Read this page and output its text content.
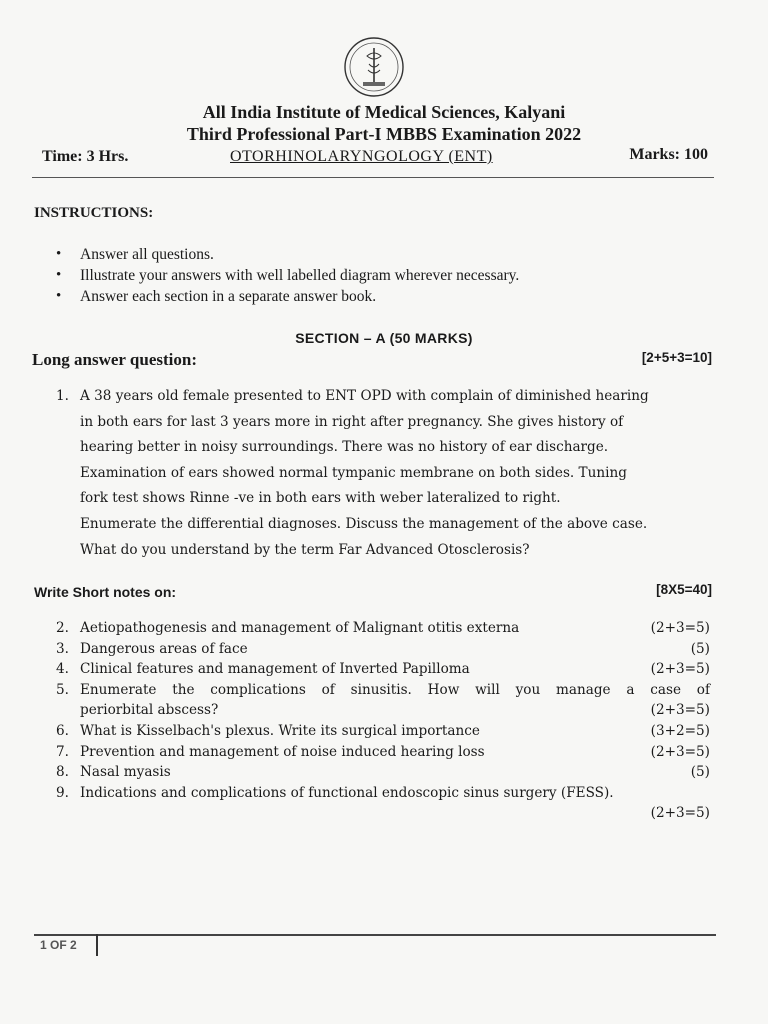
All India Institute of Medical Sciences, Kalyani
Third Professional Part-I MBBS Examination 2022
Time: 3 Hrs.	OTORHINOLARYNGOLOGY (ENT)	Marks: 100
INSTRUCTIONS:
• Answer all questions.
• Illustrate your answers with well labelled diagram wherever necessary.
• Answer each section in a separate answer book.
SECTION – A (50 MARKS)
Long answer question:	[2+5+3=10]
1. A 38 years old female presented to ENT OPD with complain of diminished hearing
in both ears for last 3 years more in right after pregnancy. She gives history of
hearing better in noisy surroundings. There was no history of ear discharge.
Examination of ears showed normal tympanic membrane on both sides. Tuning
fork test shows Rinne -ve in both ears with weber lateralized to right.
Enumerate the differential diagnoses. Discuss the management of the above case.
What do you understand by the term Far Advanced Otosclerosis?
Write Short notes on:	[8X5=40]
2. Aetiopathogenesis and management of Malignant otitis externa	(2+3=5)
3. Dangerous areas of face	(5)
4. Clinical features and management of Inverted Papilloma	(2+3=5)
5. Enumerate the complications of sinusitis. How will you manage a case of
periorbital abscess?	(2+3=5)
6. What is Kisselbach's plexus. Write its surgical importance	(3+2=5)
7. Prevention and management of noise induced hearing loss	(2+3=5)
8. Nasal myasis	(5)
9. Indications and complications of functional endoscopic sinus surgery (FESS).
(2+3=5)
1 OF 2
